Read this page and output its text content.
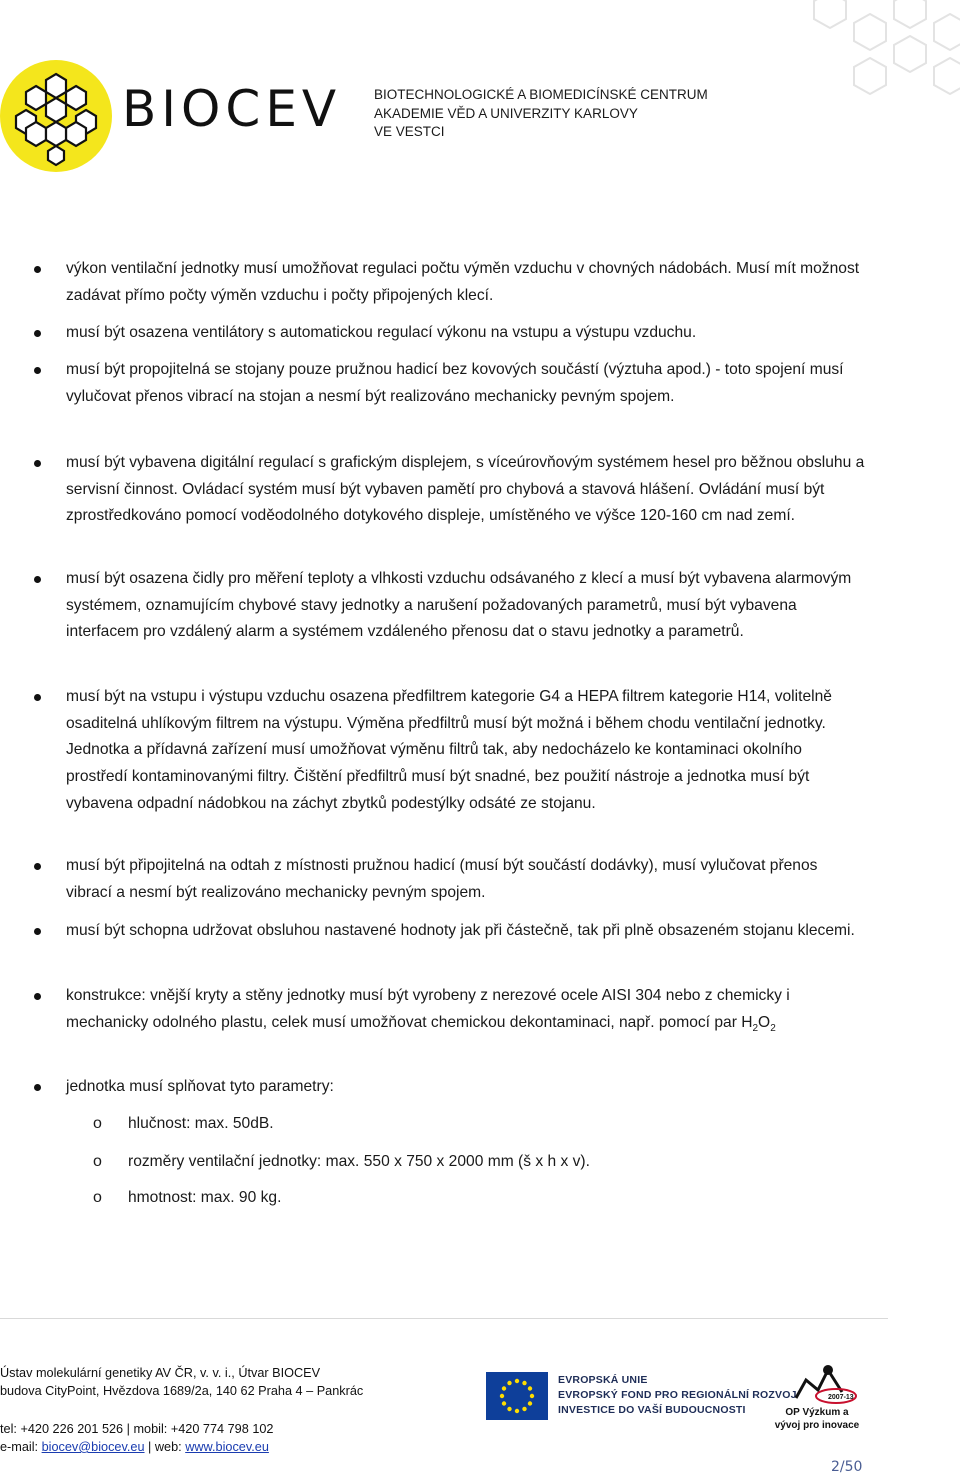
BIOCEV BIOTECHNOLOGICKÉ A BIOMEDICÍNSKÉ CENTRUM
AKADEMIE VĚD A UNIVERZITY KARLOVY
VE VESTCI
výkon ventilační jednotky musí umožňovat regulaci počtu výměn vzduchu v chovných nádobách. Musí mít možnost zadávat přímo počty výměn vzduchu i počty připojených klecí.
musí být osazena ventilátory s automatickou regulací výkonu na vstupu a výstupu vzduchu.
musí být propojitelná se stojany pouze pružnou hadicí bez kovových součástí (výztuha apod.) - toto spojení musí vylučovat přenos vibrací na stojan a nesmí být realizováno mechanicky pevným spojem.
musí být vybavena digitální regulací s grafickým displejem, s víceúrovňovým systémem hesel pro běžnou obsluhu a servisní činnost. Ovládací systém musí být vybaven pamětí pro chybová a stavová hlášení. Ovládání musí být zprostředkováno pomocí voděodolného dotykového displeje, umístěného ve výšce 120-160 cm nad zemí.
musí být osazena čidly pro měření teploty a vlhkosti vzduchu odsávaného z klecí a musí být vybavena alarmovým systémem, oznamujícím chybové stavy jednotky a narušení požadovaných parametrů, musí být vybavena interfacem pro vzdálený alarm a systémem vzdáleného přenosu dat o stavu jednotky a parametrů.
musí být na vstupu i výstupu vzduchu osazena předfiltrem kategorie G4 a HEPA filtrem kategorie H14, volitelně osaditelná uhlíkovým filtrem na výstupu. Výměna předfiltrů musí být možná i během chodu ventilační jednotky. Jednotka a přídavná zařízení musí umožňovat výměnu filtrů tak, aby nedocházelo ke kontaminaci okolního prostředí kontaminovanými filtry. Čištění předfiltrů musí být snadné, bez použití nástroje a jednotka musí být vybavena odpadní nádobkou na záchyt zbytků podestýlky odsáté ze stojanu.
musí být připojitelná na odtah z místnosti pružnou hadicí (musí být součástí dodávky), musí vylučovat přenos vibrací a nesmí být realizováno mechanicky pevným spojem.
musí být schopna udržovat obsluhou nastavené hodnoty jak při částečně, tak při plně obsazeném stojanu klecemi.
konstrukce: vnější kryty a stěny jednotky musí být vyrobeny z nerezové ocele AISI 304 nebo z chemicky i mechanicky odolného plastu, celek musí umožňovat chemickou dekontaminaci, např. pomocí par $H_2O_2$
jednotka musí splňovat tyto parametry:
o hlučnost: max. 50dB.
o rozměry ventilační jednotky: max. 550 x 750 x 2000 mm (š x h x v).
o hmotnost: max. 90 kg.
Ústav molekulární genetiky AV ČR, v. v. i., Útvar BIOCEV
budova CityPoint, Hvězdova 1689/2a, 140 62 Praha 4 – Pankrác
tel: +420 226 201 526 | mobil: +420 774 798 102
e-mail: biocev@biocev.eu | web: www.biocev.eu
EVROPSKÁ UNIE
EVROPSKÝ FOND PRO REGIONÁLNÍ ROZVOJ
INVESTICE DO VAŠÍ BUDOUCNOSTI
2007-13
OP Výzkum a vývoj pro inovace
2/50
